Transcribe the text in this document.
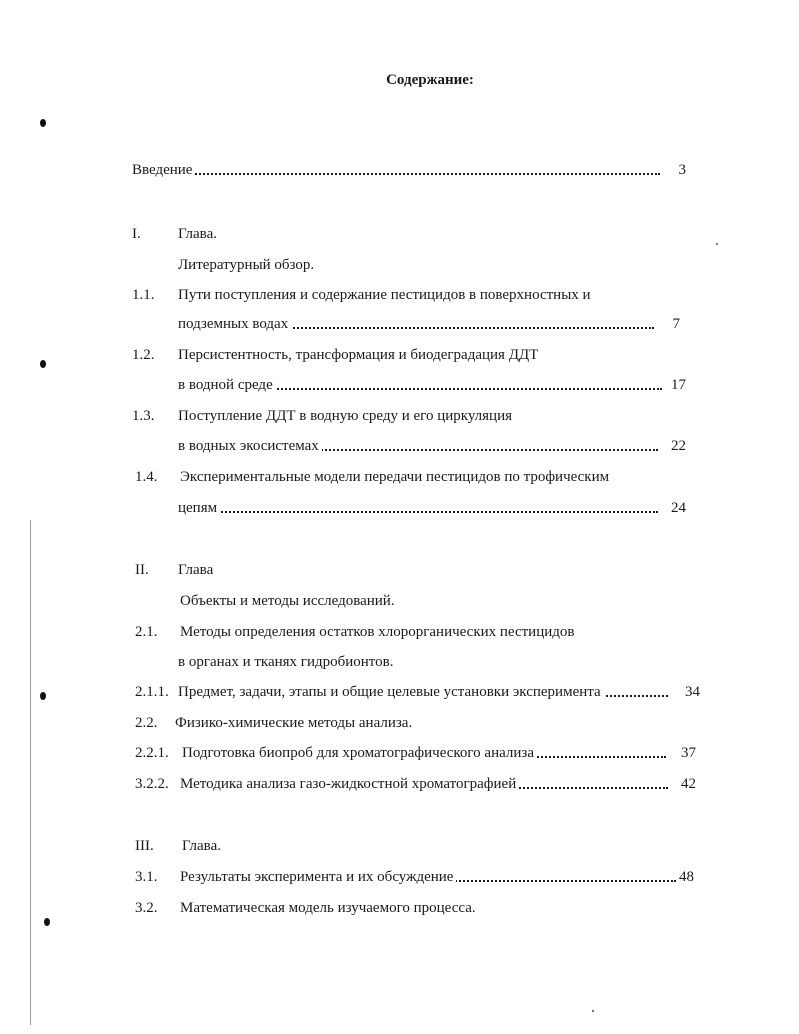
Содержание:
Введение	3
I. Глава.
Литературный обзор.
1.1. Пути поступления и содержание пестицидов в поверхностных и
подземных водах	7
1.2. Персистентность, трансформация и биодеградация ДДТ
в водной среде	17
1.3. Поступление ДДТ в водную среду и его циркуляция
в водных экосистемах	22
1.4. Экспериментальные модели передачи пестицидов по трофическим
цепям	24
II. Глава
Объекты и методы исследований.
2.1. Методы определения остатков хлорорганических пестицидов
в органах и тканях гидробионтов.
2.1.1. Предмет, задачи, этапы и общие целевые установки эксперимента	34
2.2. Физико-химические методы анализа.
2.2.1. Подготовка биопроб для хроматографического анализа	37
3.2.2. Методика анализа газо-жидкостной хроматографией	42
III. Глава.
3.1. Результаты эксперимента и их обсуждение	48
3.2. Математическая модель изучаемого процесса.
